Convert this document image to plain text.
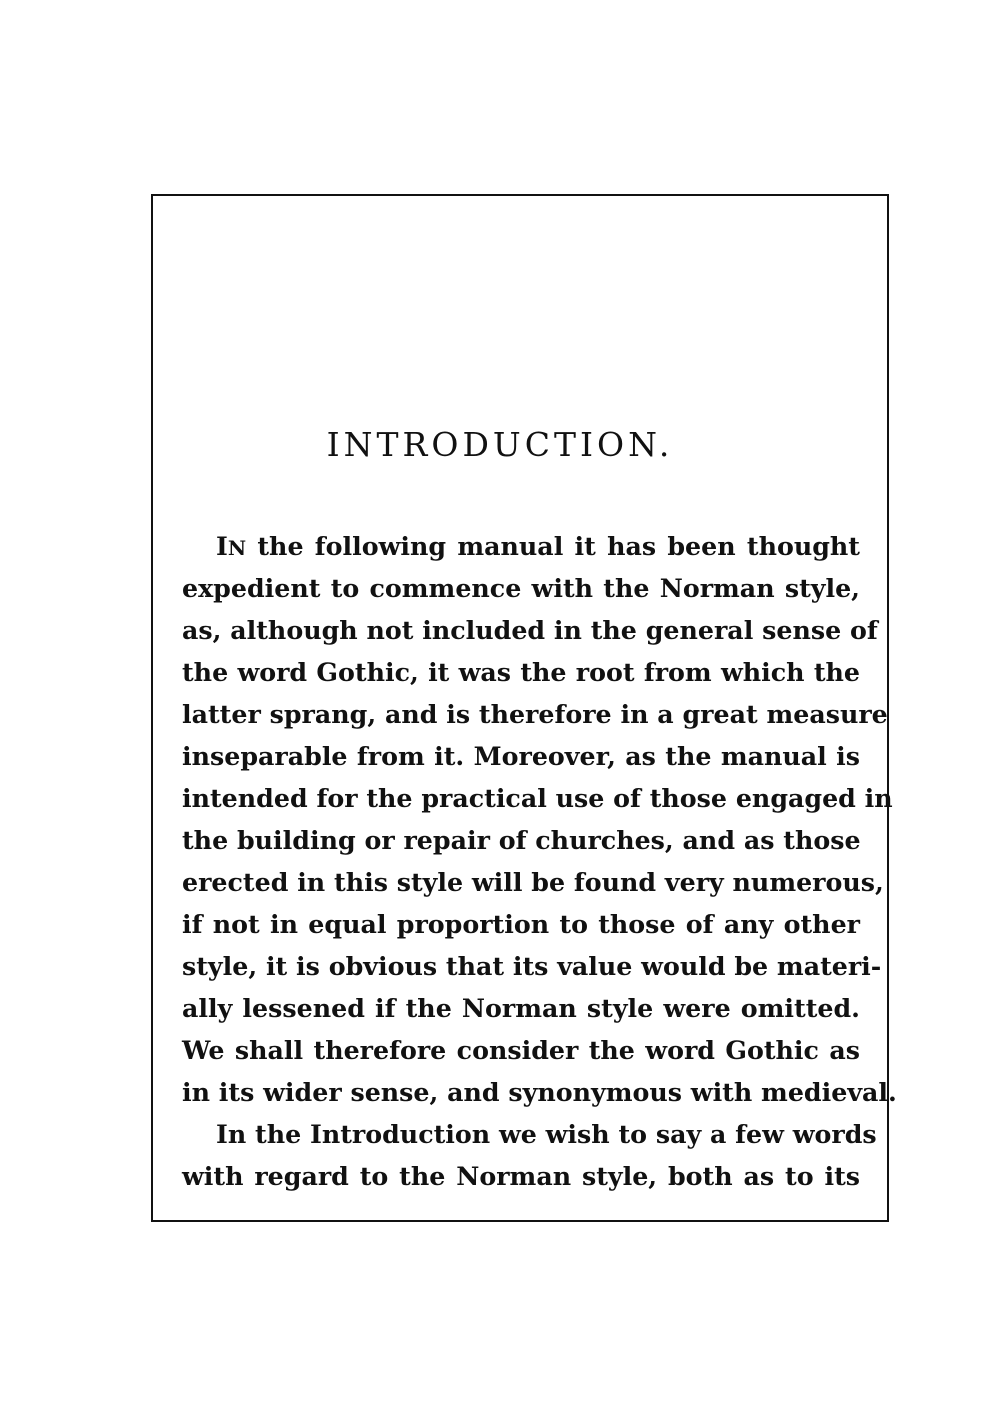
INTRODUCTION.
IN the following manual it has been thought
expedient to commence with the Norman style,
as, although not included in the general sense of
the word Gothic, it was the root from which the
latter sprang, and is therefore in a great measure
inseparable from it. Moreover, as the manual is
intended for the practical use of those engaged in
the building or repair of churches, and as those
erected in this style will be found very numerous,
if not in equal proportion to those of any other
style, it is obvious that its value would be materi-
ally lessened if the Norman style were omitted.
We shall therefore consider the word Gothic as
in its wider sense, and synonymous with medieval.
In the Introduction we wish to say a few words
with regard to the Norman style, both as to its
